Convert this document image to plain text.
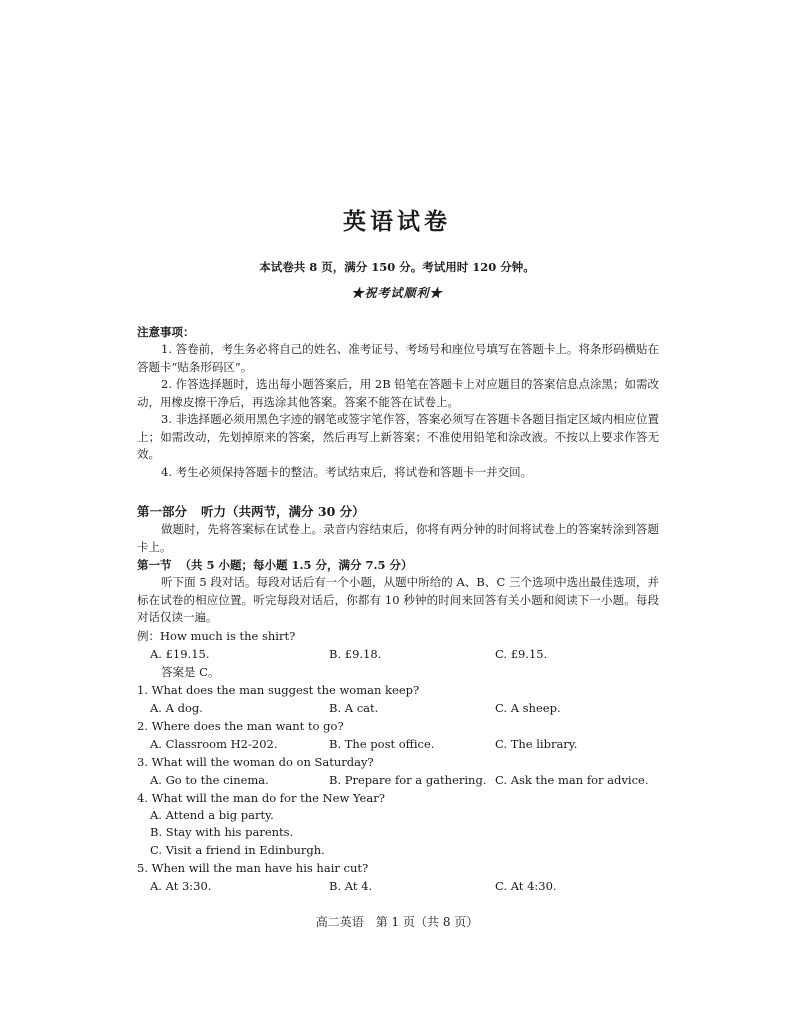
英语试卷
本试卷共 8 页，满分 150 分。考试用时 120 分钟。
★祝考试顺利★
注意事项：

1. 答卷前，考生务必将自己的姓名、准考证号、考场号和座位号填写在答题卡上。将条形码横贴在答题卡“贴条形码区”。

2. 作答选择题时，选出每小题答案后，用 2B 铅笔在答题卡上对应题目的答案信息点涂黑；如需改动，用橡皮擦干净后，再选涂其他答案。答案不能答在试卷上。

3. 非选择题必须用黑色字迹的钢笔或签字笔作答，答案必须写在答题卡各题目指定区域内相应位置上；如需改动，先划掉原来的答案，然后再写上新答案；不准使用铅笔和涂改液。不按以上要求作答无效。

4. 考生必须保持答题卡的整洁。考试结束后，将试卷和答题卡一并交回。

第一部分 听力（共两节，满分 30 分）

做题时，先将答案标在试卷上。录音内容结束后，你将有两分钟的时间将试卷上的答案转涂到答题卡上。

第一节 （共 5 小题；每小题 1.5 分，满分 7.5 分）

听下面 5 段对话。每段对话后有一个小题，从题中所给的 A、B、C 三个选项中选出最佳选项，并标在试卷的相应位置。听完每段对话后，你都有 10 秒钟的时间来回答有关小题和阅读下一小题。每段对话仅读一遍。

例：How much is the shirt?
A. £19.15.	B. £9.18.	C. £9.15.
答案是 C。
1. What does the man suggest the woman keep?
A. A dog.	B. A cat.	C. A sheep.
2. Where does the man want to go?
A. Classroom H2-202.	B. The post office.	C. The library.
3. What will the woman do on Saturday?
A. Go to the cinema.	B. Prepare for a gathering. C. Ask the man for advice.
4. What will the man do for the New Year?
A. Attend a big party.
B. Stay with his parents.
C. Visit a friend in Edinburgh.
5. When will the man have his hair cut?
A. At 3:30.	B. At 4.	C. At 4:30.
高二英语　第 1 页（共 8 页）
